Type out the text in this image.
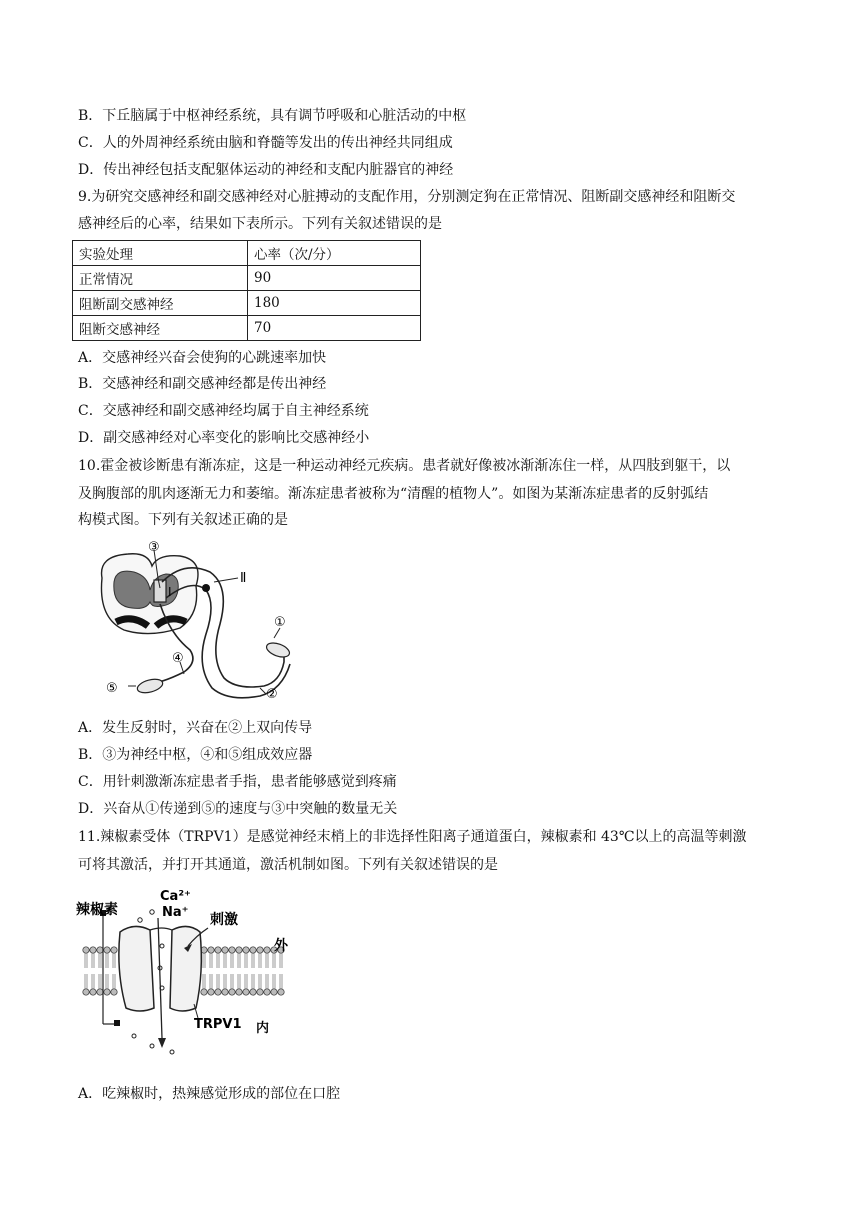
B．下丘脑属于中枢神经系统，具有调节呼吸和心脏活动的中枢
C．人的外周神经系统由脑和脊髓等发出的传出神经共同组成
D．传出神经包括支配躯体运动的神经和支配内脏器官的神经
9.为研究交感神经和副交感神经对心脏搏动的支配作用，分别测定狗在正常情况、阻断副交感神经和阻断交
感神经后的心率，结果如下表所示。下列有关叙述错误的是
实验处理	心率（次/分）
正常情况	90
阻断副交感神经	180
阻断交感神经	70
A．交感神经兴奋会使狗的心跳速率加快
B．交感神经和副交感神经都是传出神经
C．交感神经和副交感神经均属于自主神经系统
D．副交感神经对心率变化的影响比交感神经小
10.霍金被诊断患有渐冻症，这是一种运动神经元疾病。患者就好像被冰渐渐冻住一样，从四肢到躯干，以
及胸腹部的肌肉逐渐无力和萎缩。渐冻症患者被称为“清醒的植物人”。如图为某渐冻症患者的反射弧结
构模式图。下列有关叙述正确的是
③
Ⅰ
Ⅱ
①
④
⑤	②
A．发生反射时，兴奋在②上双向传导
B．③为神经中枢，④和⑤组成效应器
C．用针刺激渐冻症患者手指，患者能够感觉到疼痛
D．兴奋从①传递到⑤的速度与③中突触的数量无关
11.辣椒素受体（TRPV1）是感觉神经末梢上的非选择性阳离子通道蛋白，辣椒素和 43℃以上的高温等刺激
可将其激活，并打开其通道，激活机制如图。下列有关叙述错误的是
辣椒素
Ca²⁺
Na⁺ 刺激
外
内
TRPV1
A．吃辣椒时，热辣感觉形成的部位在口腔
